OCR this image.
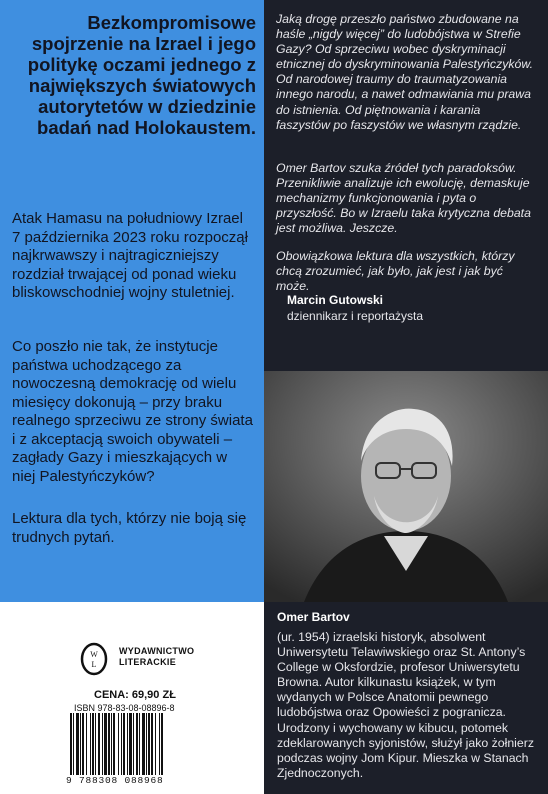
Bezkompromisowe spojrzenie na Izrael i jego politykę oczami jednego z największych światowych autorytetów w dziedzinie badań nad Holokaustem.

Atak Hamasu na południowy Izrael 7 października 2023 roku rozpoczął najkrwawszy i najtragiczniejszy rozdział trwającej od ponad wieku bliskowschodniej wojny stuletniej.

Co poszło nie tak, że instytucje państwa uchodzącego za nowoczesną demokrację od wielu miesięcy dokonują – przy braku realnego sprzeciwu ze strony świata i z akceptacją swoich obywateli – zagłady Gazy i mieszkających w niej Palestyńczyków?

Lektura dla tych, którzy nie boją się trudnych pytań.

Jaką drogę przeszło państwo zbudowane na haśle „nigdy więcej” do ludobójstwa w Strefie Gazy? Od sprzeciwu wobec dyskryminacji etnicznej do dyskryminowania Palestyńczyków. Od narodowej traumy do traumatyzowania innego narodu, a nawet odmawiania mu prawa do istnienia. Od piętnowania i karania faszystów po faszystów we własnym rządzie.

Omer Bartov szuka źródeł tych paradoksów. Przenikliwie analizuje ich ewolucję, demaskuje mechanizmy funkcjonowania i pyta o przyszłość. Bo w Izraelu taka krytyczna debata jest możliwa. Jeszcze.

Obowiązkowa lektura dla wszystkich, którzy chcą zrozumieć, jak było, jak jest i jak być może.

Marcin Gutowski

dziennikarz i reportażysta

Omer Bartov

(ur. 1954) izraelski historyk, absolwent Uniwersytetu Telawiwskiego oraz St. Antony’s College w Oksfordzie, profesor Uniwersytetu Browna. Autor kilkunastu książek, w tym wydanych w Polsce Anatomii pewnego ludobójstwa oraz Opowieści z pogranicza. Urodzony i wychowany w kibucu, potomek zdeklarowanych syjonistów, służył jako żołnierz podczas wojny Jom Kipur. Mieszka w Stanach Zjednoczonych.

W
L

WYDAWNICTWO
LITERACKIE

CENA: 69,90 ZŁ

ISBN 978-83-08-08896-8

9 788308 088968
